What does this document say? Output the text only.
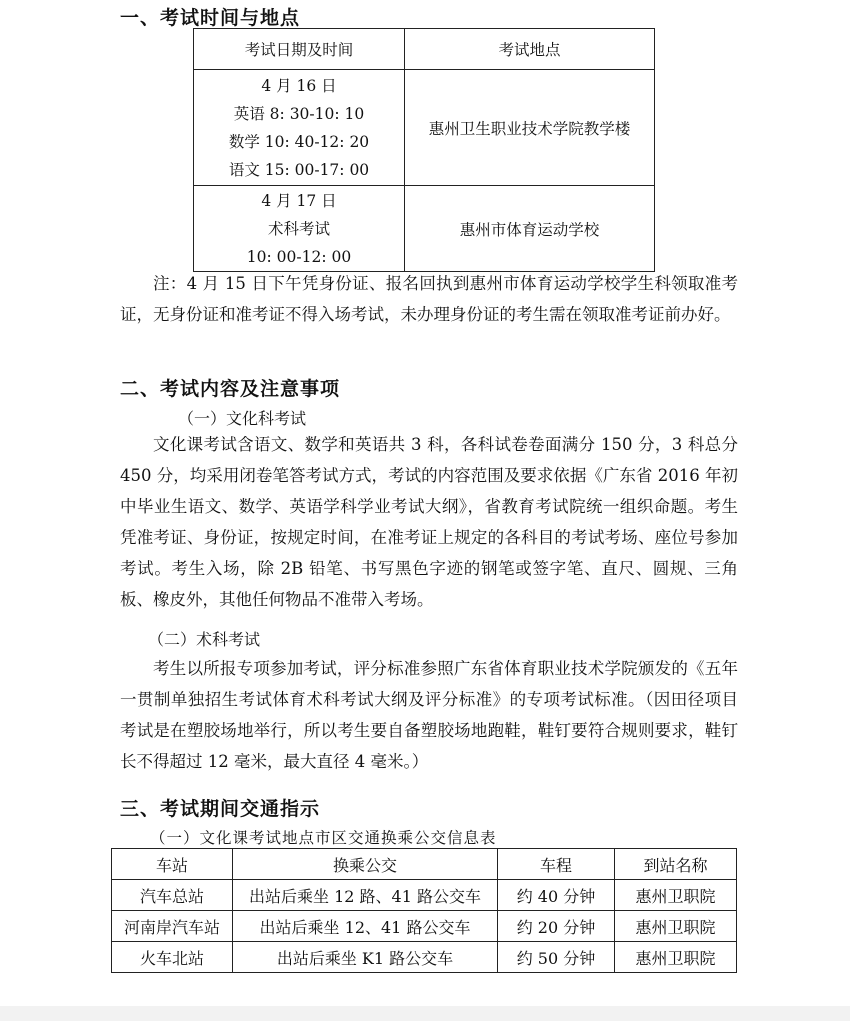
一、考试时间与地点
考试日期及时间	考试地点

4 月 16 日
英语 8: 30-10: 10
数学 10: 40-12: 20
语文 15: 00-17: 00	惠州卫生职业技术学院教学楼

4 月 17 日
术科考试
10: 00-12: 00	惠州市体育运动学校

注：4 月 15 日下午凭身份证、报名回执到惠州市体育运动学校学生科领取准考证，无身份证和准考证不得入场考试，未办理身份证的考生需在领取准考证前办好。

二、考试内容及注意事项
（一）文化科考试

文化课考试含语文、数学和英语共 3 科，各科试卷卷面满分 150 分，3 科总分 450 分，均采用闭卷笔答考试方式，考试的内容范围及要求依据《广东省 2016 年初中毕业生语文、数学、英语学科学业考试大纲》，省教育考试院统一组织命题。考生凭准考证、身份证，按规定时间，在准考证上规定的各科目的考试考场、座位号参加考试。考生入场，除 2B 铅笔、书写黑色字迹的钢笔或签字笔、直尺、圆规、三角板、橡皮外，其他任何物品不准带入考场。

（二）术科考试

考生以所报专项参加考试，评分标准参照广东省体育职业技术学院颁发的《五年一贯制单独招生考试体育术科考试大纲及评分标准》的专项考试标准。（因田径项目考试是在塑胶场地举行，所以考生要自备塑胶场地跑鞋，鞋钉要符合规则要求，鞋钉长不得超过 12 毫米，最大直径 4 毫米。）

三、考试期间交通指示
（一）文化课考试地点市区交通换乘公交信息表
车站	换乘公交	车程	到站名称
汽车总站	出站后乘坐 12 路、41 路公交车	约 40 分钟	惠州卫职院
河南岸汽车站	出站后乘坐 12、41 路公交车	约 20 分钟	惠州卫职院
火车北站	出站后乘坐 K1 路公交车	约 50 分钟	惠州卫职院
